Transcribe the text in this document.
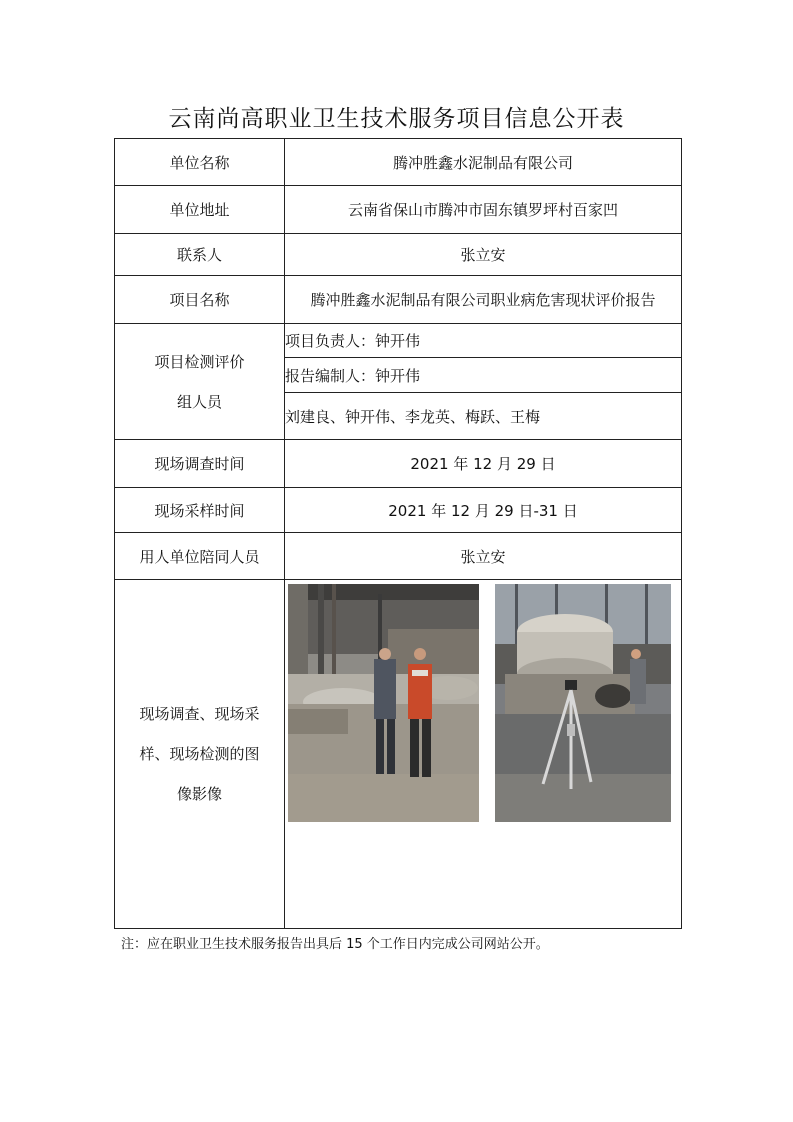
云南尚高职业卫生技术服务项目信息公开表
单位名称	腾冲胜鑫水泥制品有限公司
单位地址	云南省保山市腾冲市固东镇罗坪村百家凹
联系人	张立安
项目名称	腾冲胜鑫水泥制品有限公司职业病危害现状评价报告

项目检测评价
组人员	项目负责人：钟开伟
	报告编制人：钟开伟
	刘建良、钟开伟、李龙英、梅跃、王梅
现场调查时间	2021 年 12 月 29 日
现场采样时间	2021 年 12 月 29 日-31 日
用人单位陪同人员	张立安

现场调查、现场采
样、现场检测的图
像影像

注：应在职业卫生技术服务报告出具后 15 个工作日内完成公司网站公开。
